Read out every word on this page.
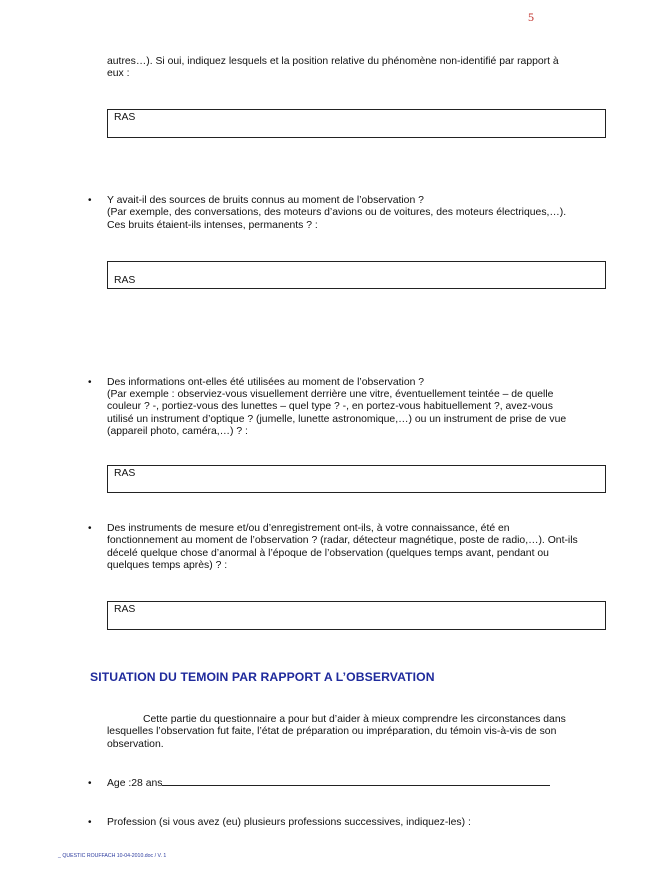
5
autres…). Si oui, indiquez lesquels et la position relative du phénomène non-identifié par rapport à
eux :
RAS
• Y avait-il des sources de bruits connus au moment de l’observation ?
(Par exemple, des conversations, des moteurs d’avions ou de voitures, des moteurs électriques,…).
Ces bruits étaient-ils intenses, permanents ? :
RAS
• Des informations ont-elles été utilisées au moment de l’observation ?
(Par exemple : observiez-vous visuellement derrière une vitre, éventuellement teintée – de quelle
couleur ? -, portiez-vous des lunettes – quel type ? -, en portez-vous habituellement ?, avez-vous
utilisé un instrument d’optique ? (jumelle, lunette astronomique,…) ou un instrument de prise de vue
(appareil photo, caméra,…) ? :
RAS
• Des instruments de mesure et/ou d’enregistrement ont-ils, à votre connaissance, été en
fonctionnement au moment de l’observation ? (radar, détecteur magnétique, poste de radio,…). Ont-ils
décelé quelque chose d’anormal à l’époque de l’observation (quelques temps avant, pendant ou
quelques temps après) ? :
RAS
SITUATION DU TEMOIN PAR RAPPORT A L’OBSERVATION
Cette partie du questionnaire a pour but d’aider à mieux comprendre les circonstances dans
lesquelles l’observation fut faite, l’état de préparation ou impréparation, du témoin vis-à-vis de son
observation.
• Age :28 ans
• Profession (si vous avez (eu) plusieurs professions successives, indiquez-les) :
_ QUESTIC ROUFFACH 10-04-2010.doc / V. 1
